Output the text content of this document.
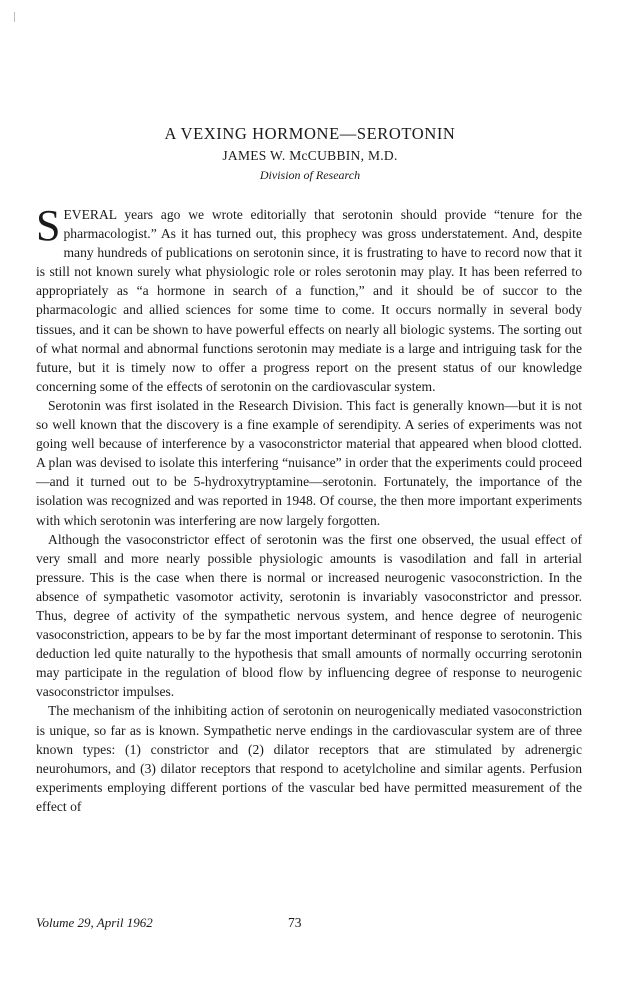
A VEXING HORMONE—SEROTONIN
JAMES W. McCUBBIN, M.D.
Division of Research

SEVERAL years ago we wrote editorially that serotonin should provide “tenure for the pharmacologist.” As it has turned out, this prophecy was gross understatement. And, despite many hundreds of publications on serotonin since, it is frustrating to have to record now that it is still not known surely what physiologic role or roles serotonin may play. It has been referred to appropriately as “a hormone in search of a function,” and it should be of succor to the pharmacologic and allied sciences for some time to come. It occurs normally in several body tissues, and it can be shown to have powerful effects on nearly all biologic systems. The sorting out of what normal and abnormal functions serotonin may mediate is a large and intriguing task for the future, but it is timely now to offer a progress report on the present status of our knowledge concerning some of the effects of serotonin on the cardiovascular system.

Serotonin was first isolated in the Research Division. This fact is generally known—but it is not so well known that the discovery is a fine example of serendipity. A series of experiments was not going well because of interference by a vasoconstrictor material that appeared when blood clotted. A plan was devised to isolate this interfering “nuisance” in order that the experiments could proceed—and it turned out to be 5-hydroxytryptamine—serotonin. Fortunately, the importance of the isolation was recognized and was reported in 1948. Of course, the then more important experiments with which serotonin was interfering are now largely forgotten.

Although the vasoconstrictor effect of serotonin was the first one observed, the usual effect of very small and more nearly possible physiologic amounts is vasodilation and fall in arterial pressure. This is the case when there is normal or increased neurogenic vasoconstriction. In the absence of sympathetic vasomotor activity, serotonin is invariably vasoconstrictor and pressor. Thus, degree of activity of the sympathetic nervous system, and hence degree of neurogenic vasoconstriction, appears to be by far the most important determinant of response to serotonin. This deduction led quite naturally to the hypothesis that small amounts of normally occurring serotonin may participate in the regulation of blood flow by influencing degree of response to neurogenic vasoconstrictor impulses.

The mechanism of the inhibiting action of serotonin on neurogenically mediated vasoconstriction is unique, so far as is known. Sympathetic nerve endings in the cardiovascular system are of three known types: (1) constrictor and (2) dilator receptors that are stimulated by adrenergic neurohumors, and (3) dilator receptors that respond to acetylcholine and similar agents. Perfusion experiments employing different portions of the vascular bed have permitted measurement of the effect of

Volume 29, April 1962	73
